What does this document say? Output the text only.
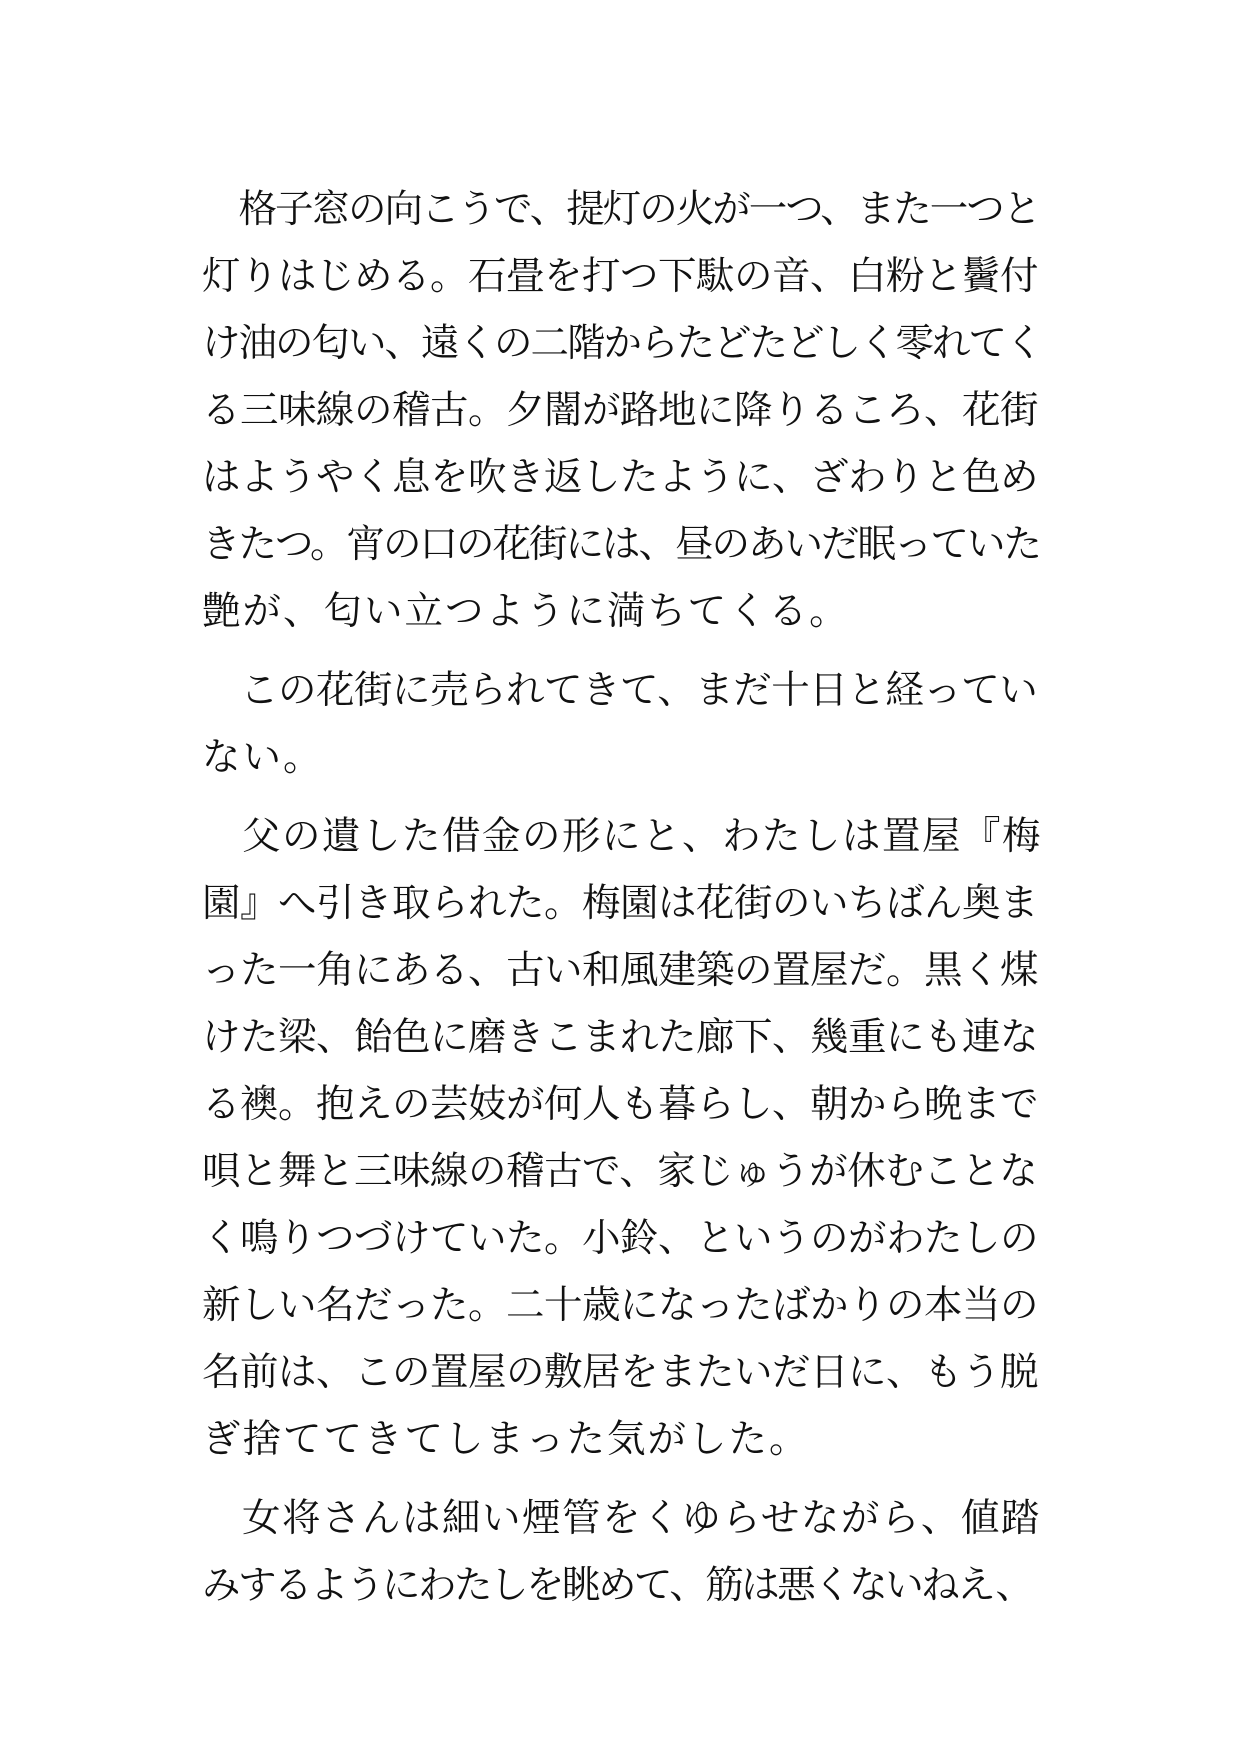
　格子窓の向こうで、提灯の火が一つ、また一つと
灯りはじめる。石畳を打つ下駄の音、白粉と鬢付
け油の匂い、遠くの二階からたどたどしく零れてく
る三味線の稽古。夕闇が路地に降りるころ、花街
はようやく息を吹き返したように、ざわりと色め
きたつ。宵の口の花街には、昼のあいだ眠っていた
艶が、匂い立つように満ちてくる。

　この花街に売られてきて、まだ十日と経ってい
ない。

　父の遺した借金の形にと、わたしは置屋『梅
園』へ引き取られた。梅園は花街のいちばん奥ま
った一角にある、古い和風建築の置屋だ。黒く煤
けた梁、飴色に磨きこまれた廊下、幾重にも連な
る襖。抱えの芸妓が何人も暮らし、朝から晩まで
唄と舞と三味線の稽古で、家じゅうが休むことな
く鳴りつづけていた。小鈴、というのがわたしの
新しい名だった。二十歳になったばかりの本当の
名前は、この置屋の敷居をまたいだ日に、もう脱
ぎ捨ててきてしまった気がした。

　女将さんは細い煙管をくゆらせながら、値踏
みするようにわたしを眺めて、筋は悪くないねえ、
